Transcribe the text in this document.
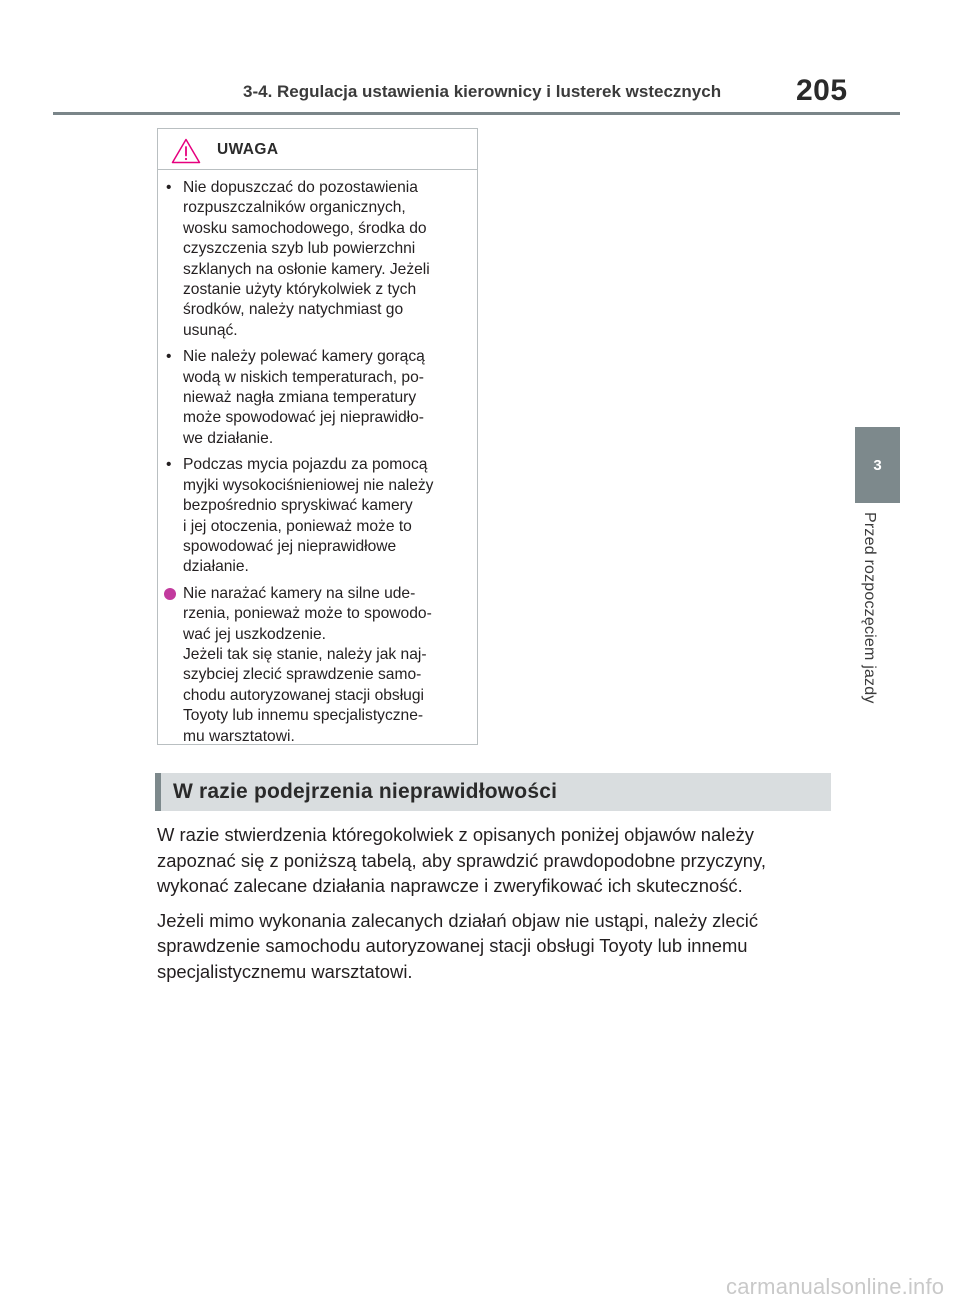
3-4. Regulacja ustawienia kierownicy i lusterek wstecznych	205
3
Przed rozpoczęciem jazdy
UWAGA
• Nie dopuszczać do pozostawienia
rozpuszczalników organicznych,
wosku samochodowego, środka do
czyszczenia szyb lub powierzchni
szklanych na osłonie kamery. Jeżeli
zostanie użyty którykolwiek z tych
środków, należy natychmiast go
usunąć.
• Nie należy polewać kamery gorącą
wodą w niskich temperaturach, po-
nieważ nagła zmiana temperatury
może spowodować jej nieprawidło-
we działanie.
• Podczas mycia pojazdu za pomocą
myjki wysokociśnieniowej nie należy
bezpośrednio spryskiwać kamery
i jej otoczenia, ponieważ może to
spowodować jej nieprawidłowe
działanie.
Nie narażać kamery na silne ude-
rzenia, ponieważ może to spowodo-
wać jej uszkodzenie.
Jeżeli tak się stanie, należy jak naj-
szybciej zlecić sprawdzenie samo-
chodu autoryzowanej stacji obsługi
Toyoty lub innemu specjalistyczne-
mu warsztatowi.
W razie podejrzenia nieprawidłowości

W razie stwierdzenia któregokolwiek z opisanych poniżej objawów należy
zapoznać się z poniższą tabelą, aby sprawdzić prawdopodobne przyczyny,
wykonać zalecane działania naprawcze i zweryfikować ich skuteczność.

Jeżeli mimo wykonania zalecanych działań objaw nie ustąpi, należy zlecić
sprawdzenie samochodu autoryzowanej stacji obsługi Toyoty lub innemu
specjalistycznemu warsztatowi.

carmanualsonline.info
